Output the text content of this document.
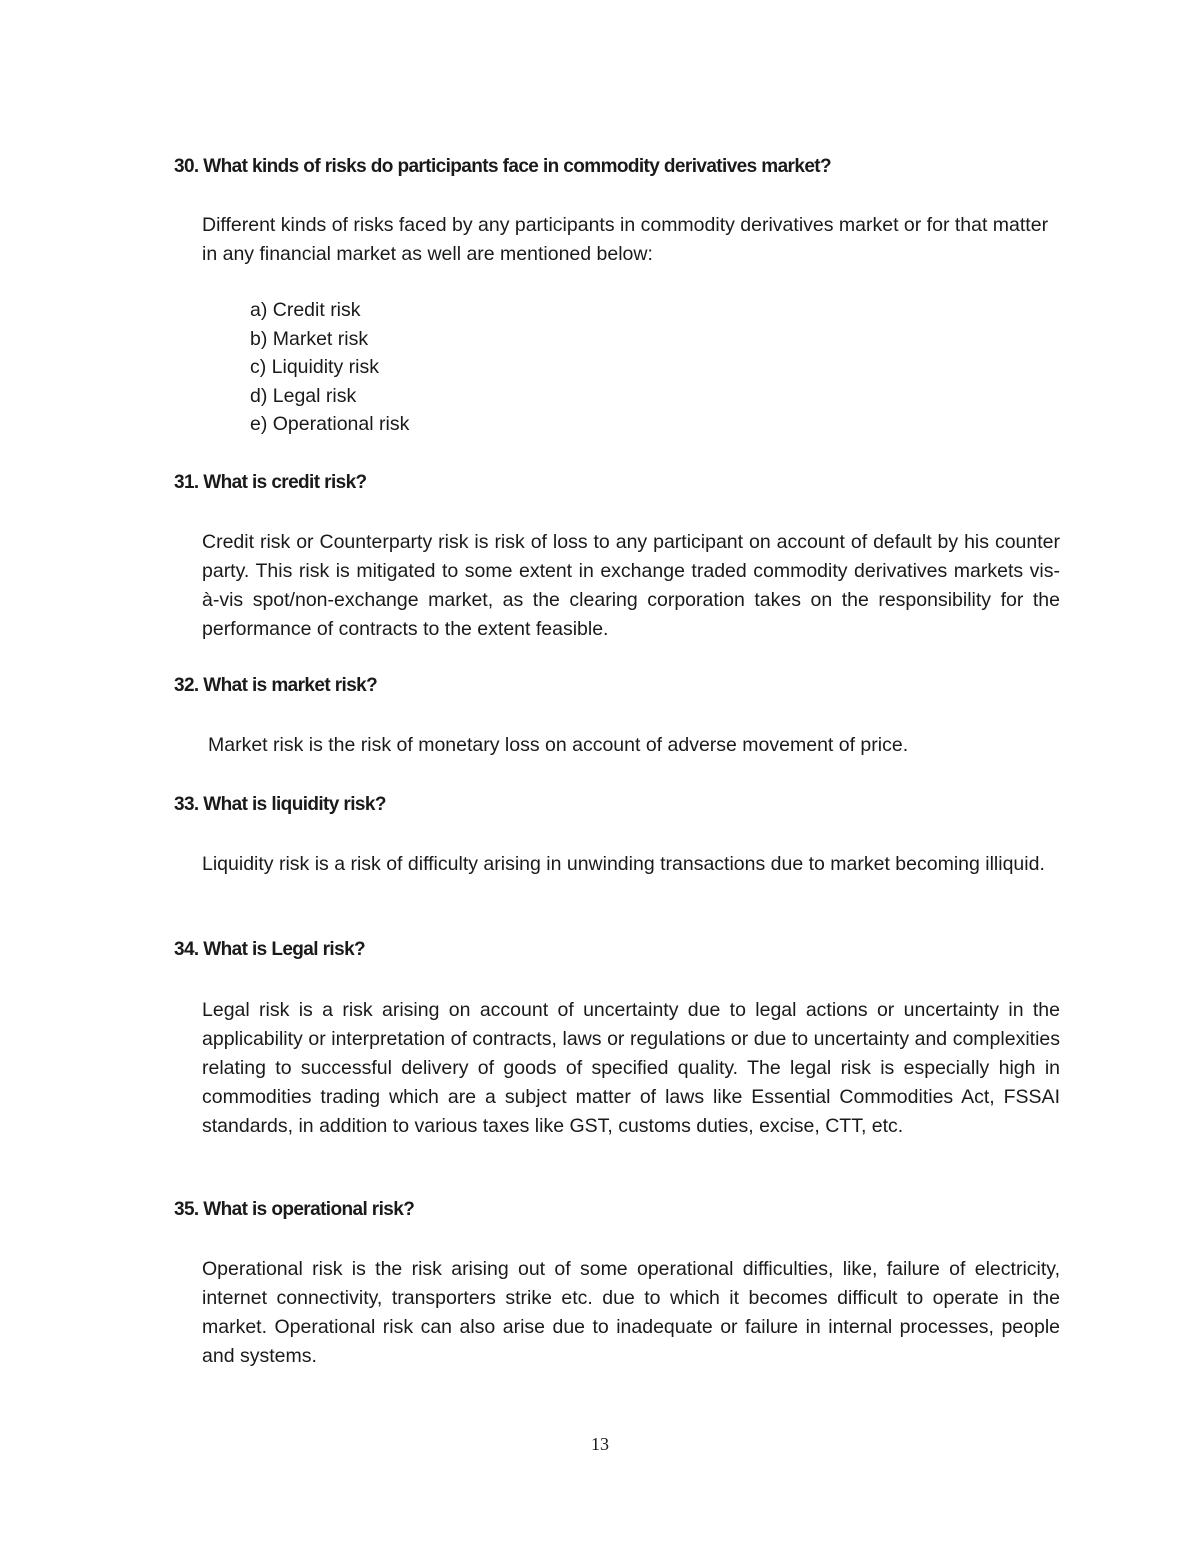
30. What kinds of risks do participants face in commodity derivatives market?
Different kinds of risks faced by any participants in commodity derivatives market or for that matter in any financial market as well are mentioned below:
a) Credit risk
b) Market risk
c) Liquidity risk
d) Legal risk
e) Operational risk
31. What is credit risk?
Credit risk or Counterparty risk is risk of loss to any participant on account of default by his counter party. This risk is mitigated to some extent in exchange traded commodity derivatives markets vis-à-vis spot/non-exchange market, as the clearing corporation takes on the responsibility for the performance of contracts to the extent feasible.
32. What is market risk?
Market risk is the risk of monetary loss on account of adverse movement of price.
33. What is liquidity risk?
Liquidity risk is a risk of difficulty arising in unwinding transactions due to market becoming illiquid.
34. What is Legal risk?
Legal risk is a risk arising on account of uncertainty due to legal actions or uncertainty in the applicability or interpretation of contracts, laws or regulations or due to uncertainty and complexities relating to successful delivery of goods of specified quality. The legal risk is especially high in commodities trading which are a subject matter of laws like Essential Commodities Act, FSSAI standards, in addition to various taxes like GST, customs duties, excise, CTT, etc.
35. What is operational risk?
Operational risk is the risk arising out of some operational difficulties, like, failure of electricity, internet connectivity, transporters strike etc. due to which it becomes difficult to operate in the market. Operational risk can also arise due to inadequate or failure in internal processes, people and systems.
13
